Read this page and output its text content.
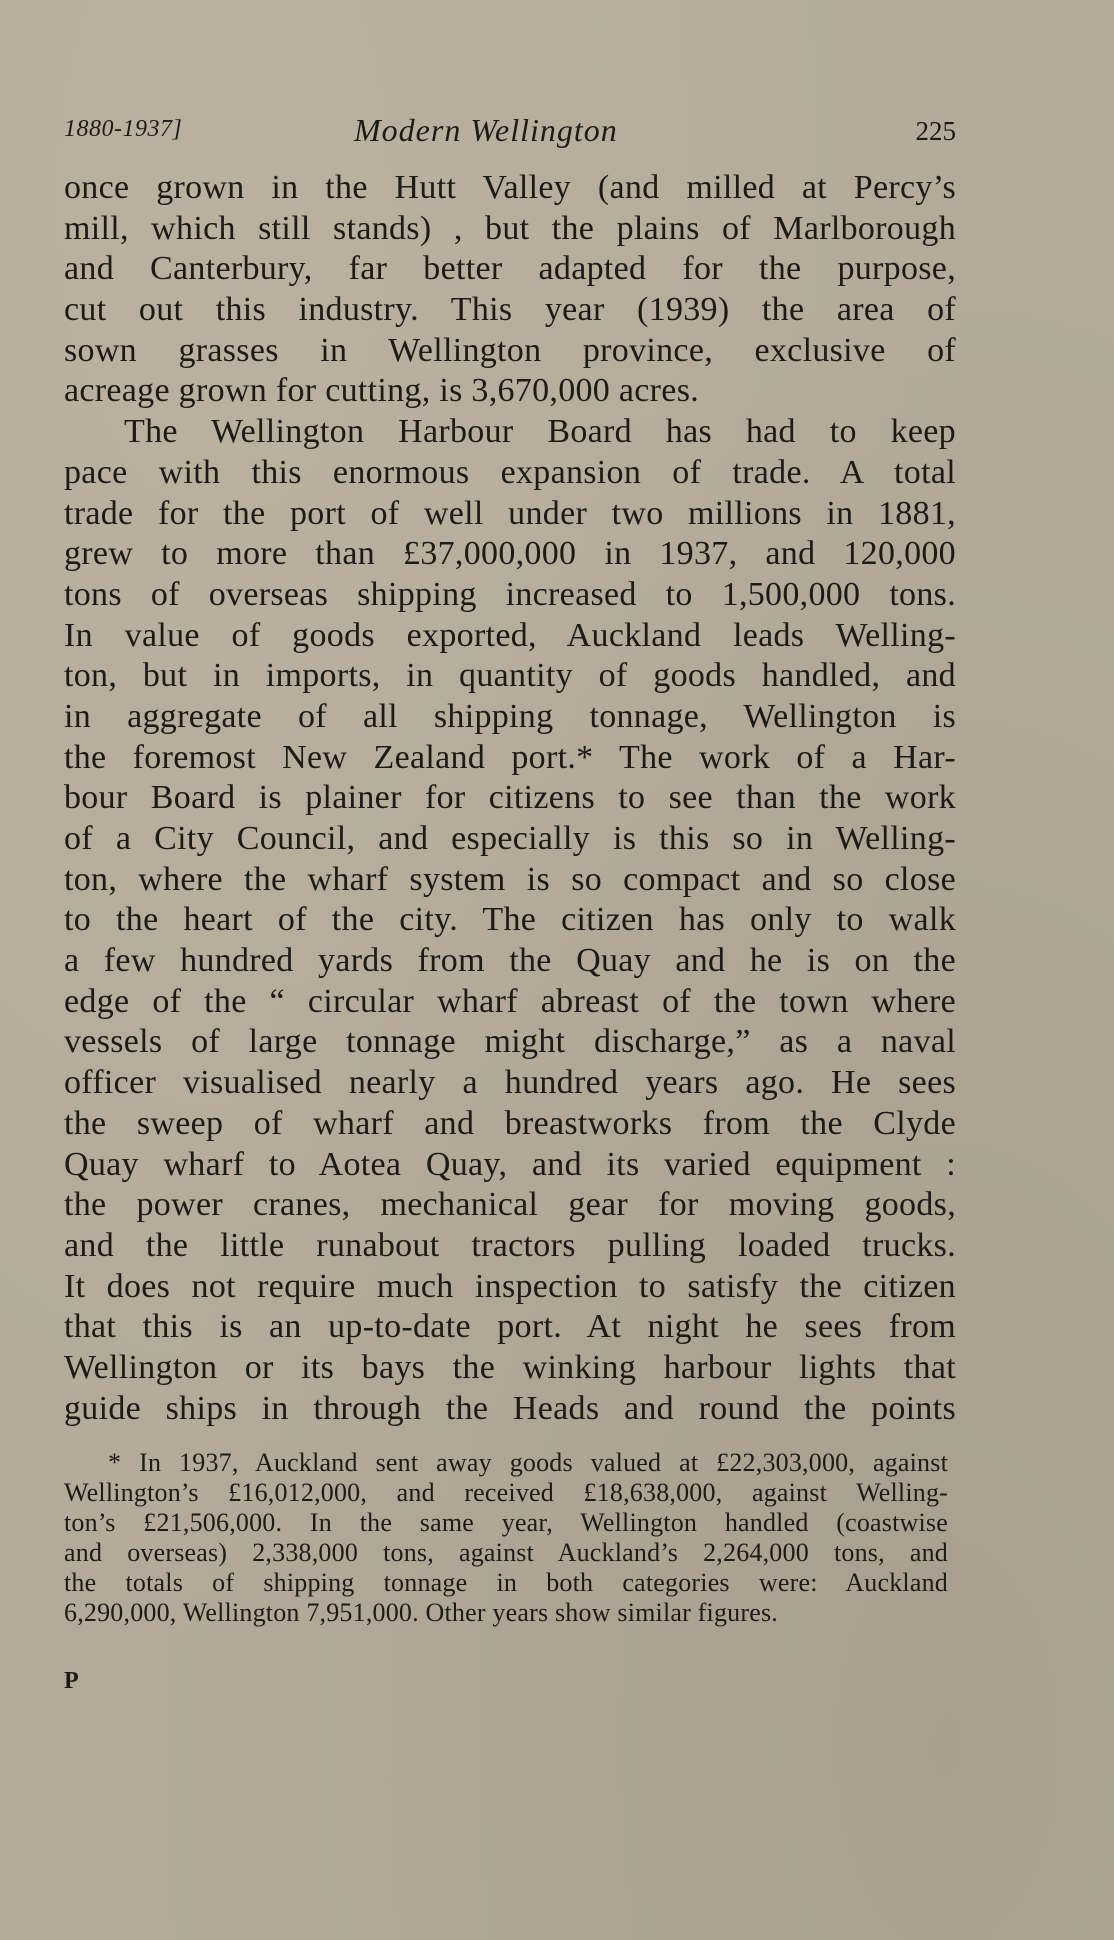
1880-1937]	Modern Wellington	225
once grown in the Hutt Valley (and milled at Percy’s
mill, which still stands) , but the plains of Marlborough
and Canterbury, far better adapted for the purpose,
cut out this industry. This year (1939) the area of
sown grasses in Wellington province, exclusive of
acreage grown for cutting, is 3,670,000 acres.
The Wellington Harbour Board has had to keep
pace with this enormous expansion of trade. A total
trade for the port of well under two millions in 1881,
grew to more than £37,000,000 in 1937, and 120,000
tons of overseas shipping increased to 1,500,000 tons.
In value of goods exported, Auckland leads Welling-
ton, but in imports, in quantity of goods handled, and
in aggregate of all shipping tonnage, Wellington is
the foremost New Zealand port.* The work of a Har-
bour Board is plainer for citizens to see than the work
of a City Council, and especially is this so in Welling-
ton, where the wharf system is so compact and so close
to the heart of the city. The citizen has only to walk
a few hundred yards from the Quay and he is on the
edge of the “ circular wharf abreast of the town where
vessels of large tonnage might discharge,” as a naval
officer visualised nearly a hundred years ago. He sees
the sweep of wharf and breastworks from the Clyde
Quay wharf to Aotea Quay, and its varied equipment :
the power cranes, mechanical gear for moving goods,
and the little runabout tractors pulling loaded trucks.
It does not require much inspection to satisfy the citizen
that this is an up-to-date port. At night he sees from
Wellington or its bays the winking harbour lights that
guide ships in through the Heads and round the points
* In 1937, Auckland sent away goods valued at £22,303,000, against
Wellington’s £16,012,000, and received £18,638,000, against Welling-
ton’s £21,506,000. In the same year, Wellington handled (coastwise
and overseas) 2,338,000 tons, against Auckland’s 2,264,000 tons, and
the totals of shipping tonnage in both categories were: Auckland
6,290,000, Wellington 7,951,000. Other years show similar figures.
P
